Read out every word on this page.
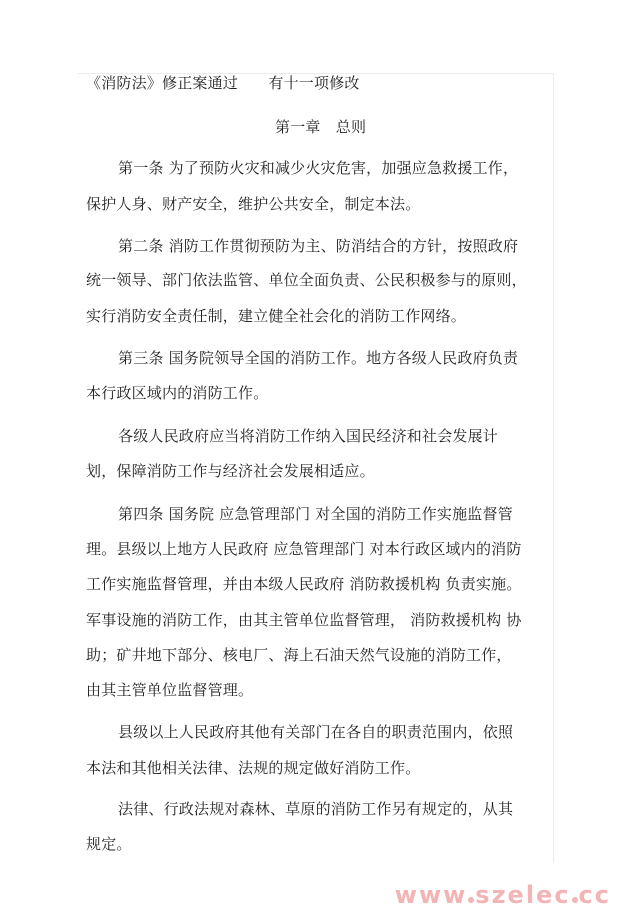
《消防法》修正案通过　　有十一项修改
第一章　总则
第一条 为了预防火灾和减少火灾危害，加强应急救援工作，
保护人身、财产安全，维护公共安全，制定本法。
第二条 消防工作贯彻预防为主、防消结合的方针，按照政府
统一领导、部门依法监管、单位全面负责、公民积极参与的原则，
实行消防安全责任制，建立健全社会化的消防工作网络。
第三条 国务院领导全国的消防工作。地方各级人民政府负责
本行政区域内的消防工作。
各级人民政府应当将消防工作纳入国民经济和社会发展计
划，保障消防工作与经济社会发展相适应。
第四条 国务院 应急管理部门 对全国的消防工作实施监督管
理。县级以上地方人民政府 应急管理部门 对本行政区域内的消防
工作实施监督管理，并由本级人民政府 消防救援机构 负责实施。
军事设施的消防工作，由其主管单位监督管理， 消防救援机构 协
助；矿井地下部分、核电厂、海上石油天然气设施的消防工作，
由其主管单位监督管理。
县级以上人民政府其他有关部门在各自的职责范围内，依照
本法和其他相关法律、法规的规定做好消防工作。
法律、行政法规对森林、草原的消防工作另有规定的，从其
规定。
www szelec cc
